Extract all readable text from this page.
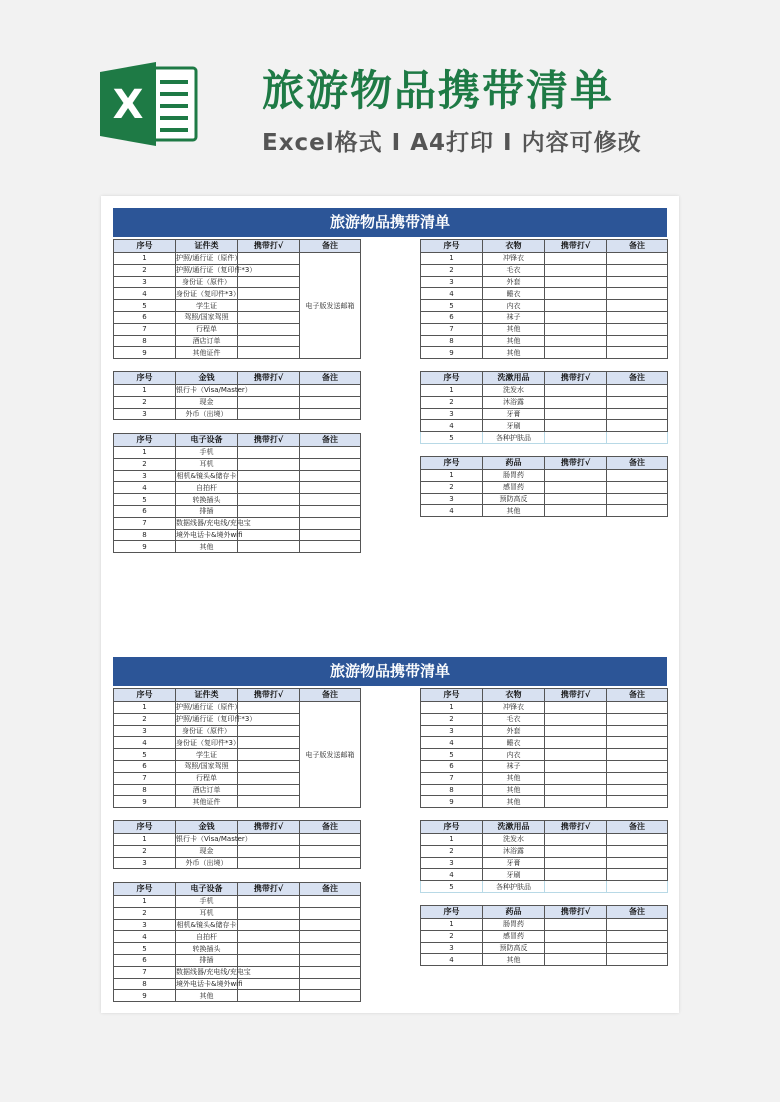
X	旅游物品携带清单
Excel格式 I A4打印 I 内容可修改
旅游物品携带清单
序号	证件类	携带打√	备注
1	护照/通行证（原件）		电子版发送邮箱
2	护照/通行证（复印件*3）		
3	身份证（原件）		
4	身份证（复印件*3）		
5	学生证		
6	驾照/国家驾照		
7	行程单		
8	酒店订单		
9	其他证件		
序号	衣物	携带打√	备注
1	冲锋衣		
2	毛衣		
3	外套		
4	睡衣		
5	内衣		
6	袜子		
7	其他		
8	其他		
9	其他		
序号	金钱	携带打√	备注
1	银行卡（Visa/Master）		
2	现金		
3	外币（出境）		
序号	洗漱用品	携带打√	备注
1	洗发水		
2	沐浴露		
3	牙膏		
4	牙刷		
5	各种护肤品		
序号	电子设备	携带打√	备注
1	手机		
2	耳机		
3	相机&镜头&储存卡		
4	自拍杆		
5	转换插头		
6	排插		
7	数据线器/充电线/充电宝		
8	境外电话卡&境外wifi		
9	其他		
序号	药品	携带打√	备注
1	肠胃药		
2	感冒药		
3	预防高反		
4	其他		
旅游物品携带清单
序号	证件类	携带打√	备注
1	护照/通行证（原件）		电子版发送邮箱
2	护照/通行证（复印件*3）		
3	身份证（原件）		
4	身份证（复印件*3）		
5	学生证		
6	驾照/国家驾照		
7	行程单		
8	酒店订单		
9	其他证件		
序号	衣物	携带打√	备注
1	冲锋衣		
2	毛衣		
3	外套		
4	睡衣		
5	内衣		
6	袜子		
7	其他		
8	其他		
9	其他		
序号	金钱	携带打√	备注
1	银行卡（Visa/Master）		
2	现金		
3	外币（出境）		
序号	洗漱用品	携带打√	备注
1	洗发水		
2	沐浴露		
3	牙膏		
4	牙刷		
5	各种护肤品		
序号	电子设备	携带打√	备注
1	手机		
2	耳机		
3	相机&镜头&储存卡		
4	自拍杆		
5	转换插头		
6	排插		
7	数据线器/充电线/充电宝		
8	境外电话卡&境外wifi		
9	其他		
序号	药品	携带打√	备注
1	肠胃药		
2	感冒药		
3	预防高反		
4	其他		
